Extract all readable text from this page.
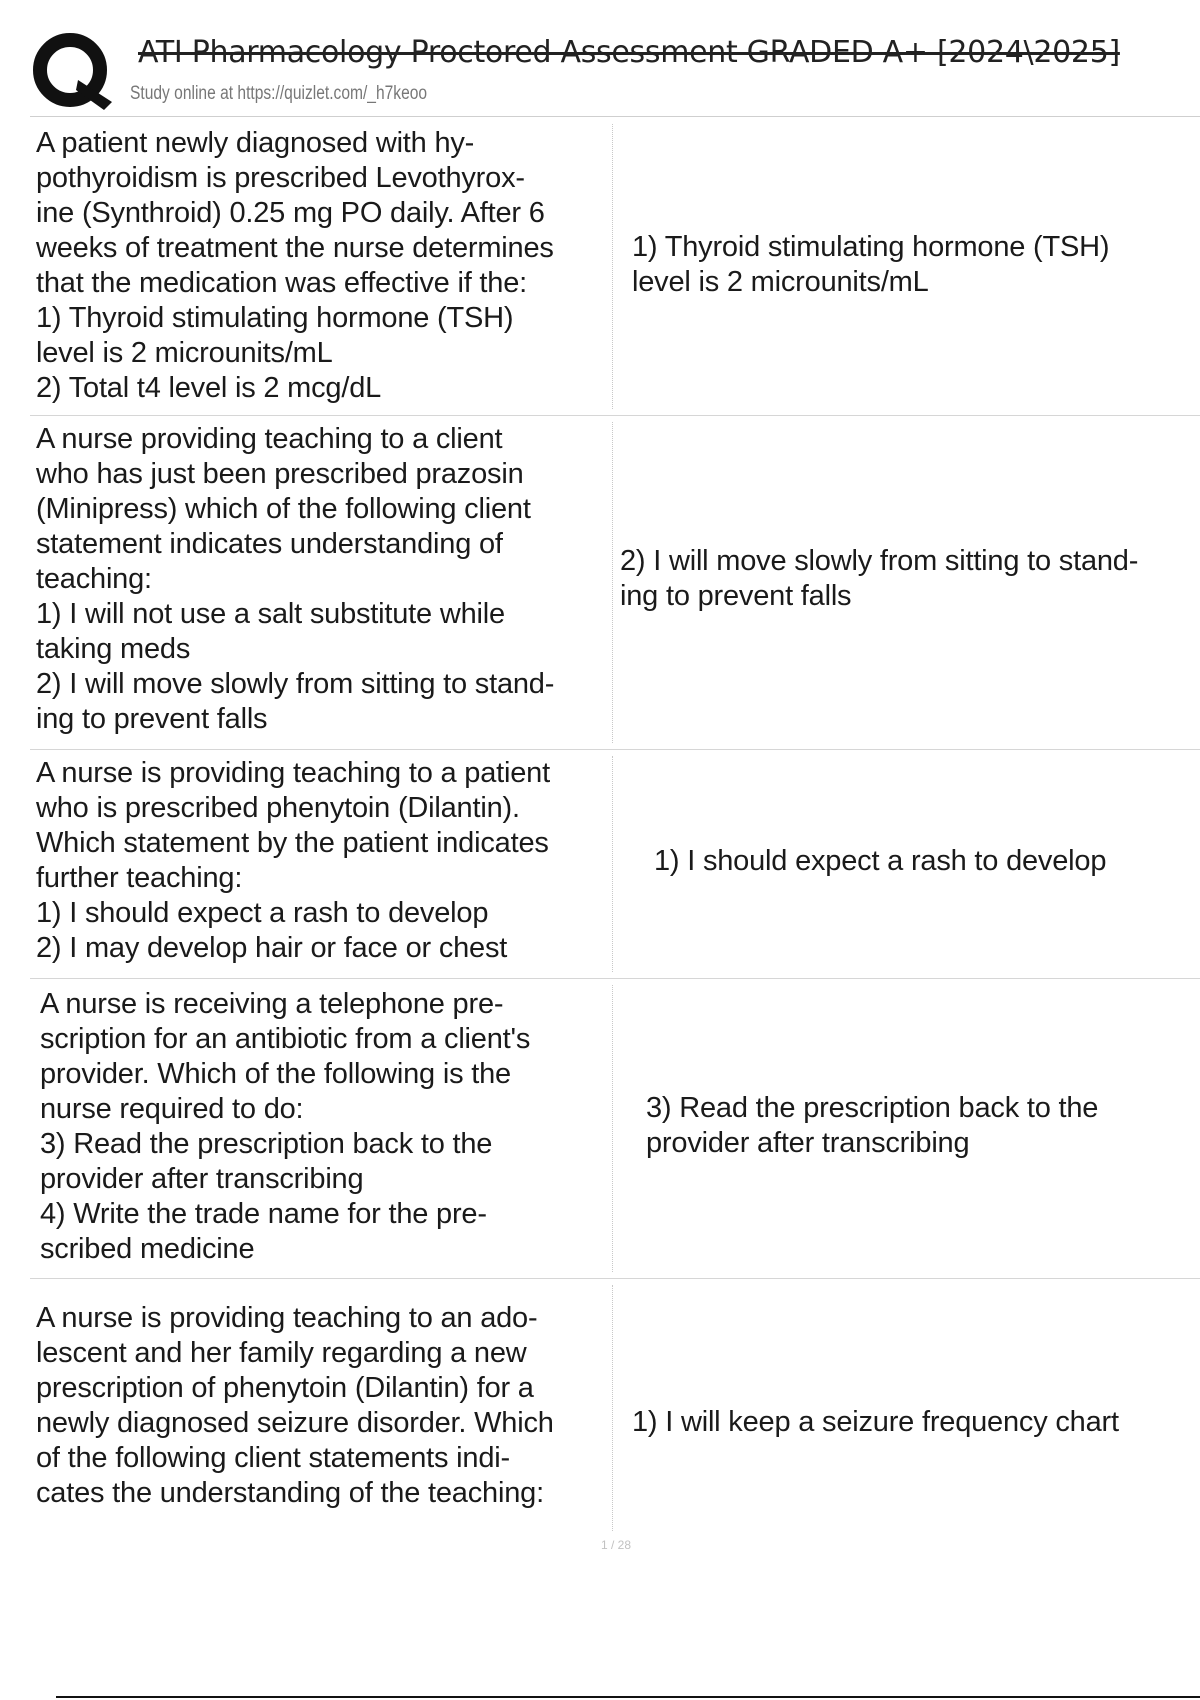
ATI Pharmacology Proctored Assessment GRADED A+ [2024\2025]
Study online at https://quizlet.com/_h7keoo
A patient newly diagnosed with hy-
pothyroidism is prescribed Levothyrox-
ine (Synthroid) 0.25 mg PO daily. After 6
weeks of treatment the nurse determines
that the medication was effective if the:
1) Thyroid stimulating hormone (TSH)
level is 2 microunits/mL
2) Total t4 level is 2 mcg/dL
1) Thyroid stimulating hormone (TSH)
level is 2 microunits/mL
A nurse providing teaching to a client
who has just been prescribed prazosin
(Minipress) which of the following client
statement indicates understanding of
teaching:
1) I will not use a salt substitute while
taking meds
2) I will move slowly from sitting to stand-
ing to prevent falls
2) I will move slowly from sitting to stand-
ing to prevent falls
A nurse is providing teaching to a patient
who is prescribed phenytoin (Dilantin).
Which statement by the patient indicates
further teaching:
1) I should expect a rash to develop
2) I may develop hair or face or chest
1) I should expect a rash to develop
A nurse is receiving a telephone pre-
scription for an antibiotic from a client's
provider. Which of the following is the
nurse required to do:
3) Read the prescription back to the
provider after transcribing
4) Write the trade name for the pre-
scribed medicine
3) Read the prescription back to the
provider after transcribing
A nurse is providing teaching to an ado-
lescent and her family regarding a new
prescription of phenytoin (Dilantin) for a
newly diagnosed seizure disorder. Which
of the following client statements indi-
cates the understanding of the teaching:
1) I will keep a seizure frequency chart
1 / 28
